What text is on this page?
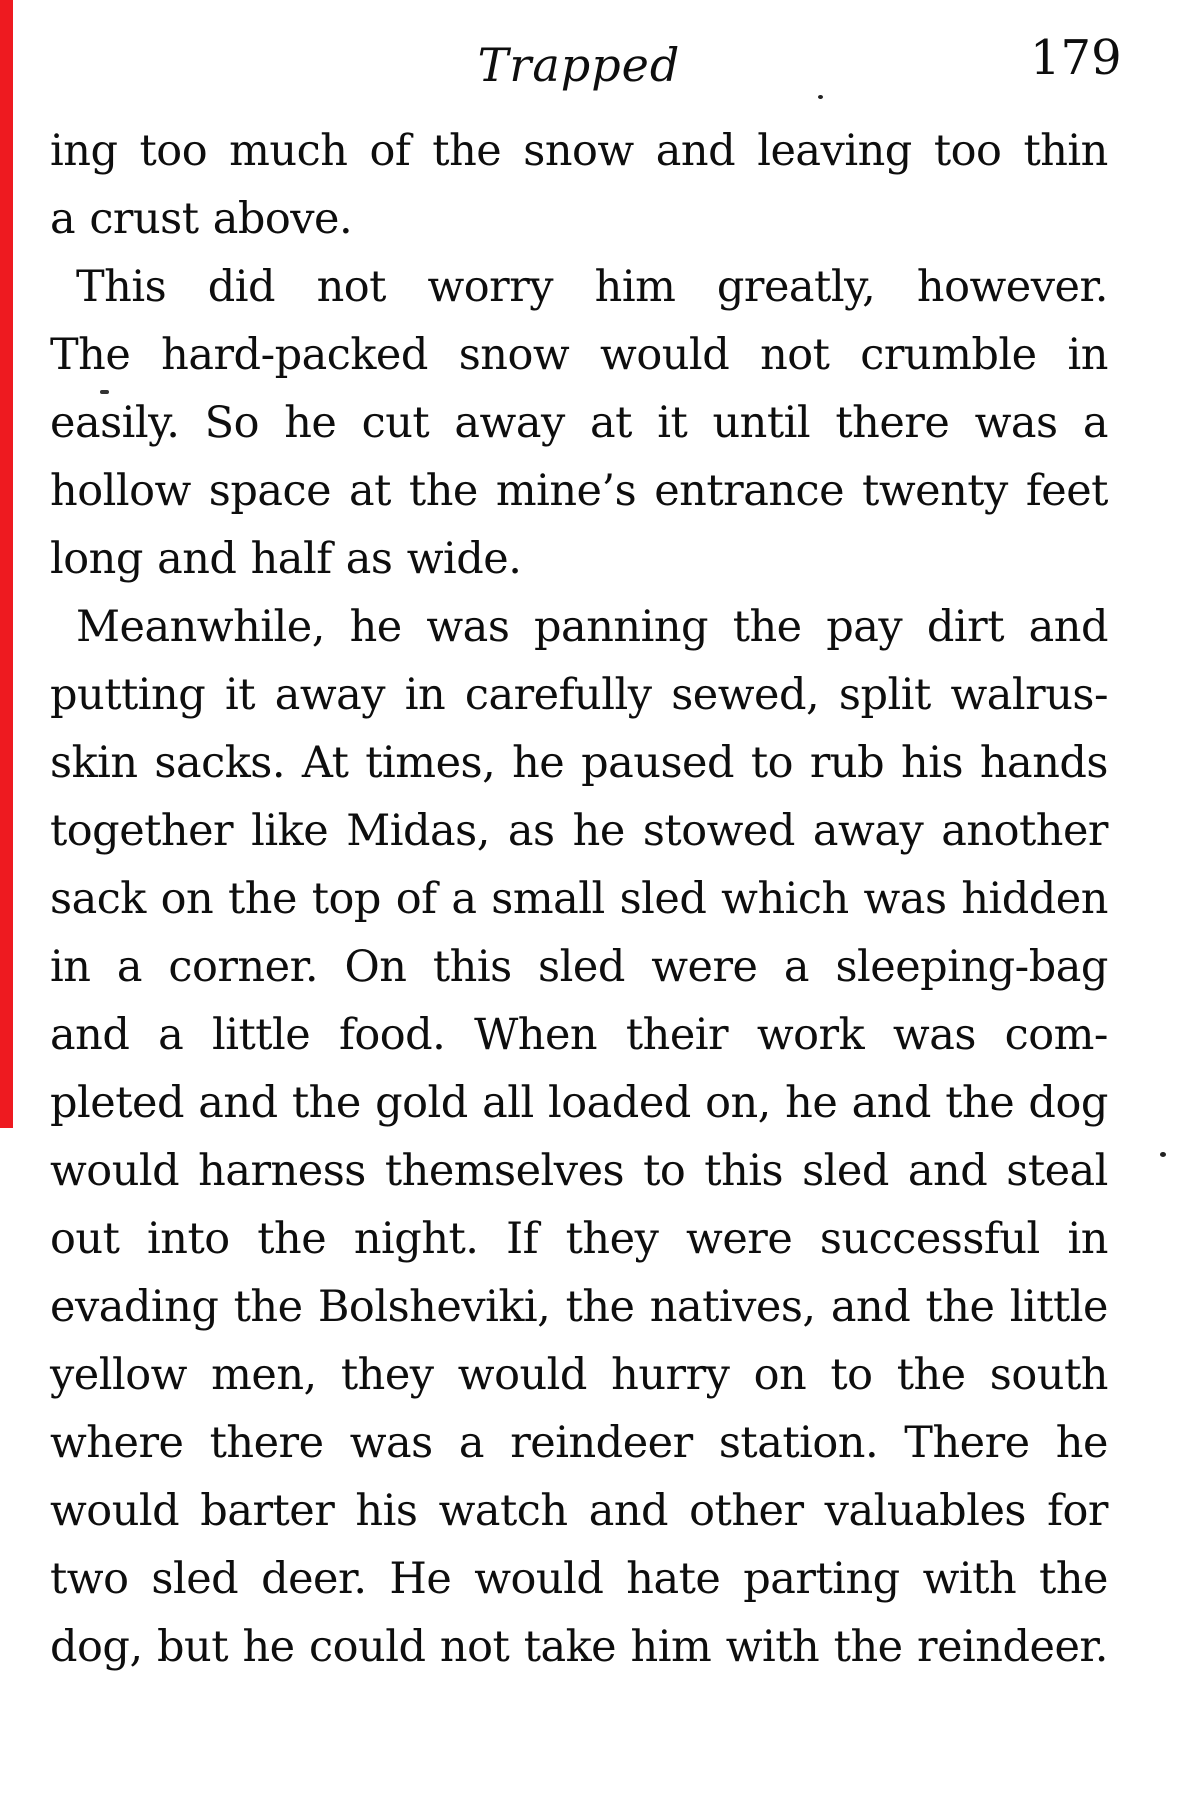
Trapped	179
ing too much of the snow and leaving too thin
a crust above.
This did not worry him greatly, however.
The hard-packed snow would not crumble in
easily. So he cut away at it until there was a
hollow space at the mine’s entrance twenty feet
long and half as wide.
Meanwhile, he was panning the pay dirt and
putting it away in carefully sewed, split walrus-
skin sacks. At times, he paused to rub his hands
together like Midas, as he stowed away another
sack on the top of a small sled which was hidden
in a corner. On this sled were a sleeping-bag
and a little food. When their work was com-
pleted and the gold all loaded on, he and the dog
would harness themselves to this sled and steal
out into the night. If they were successful in
evading the Bolsheviki, the natives, and the little
yellow men, they would hurry on to the south
where there was a reindeer station. There he
would barter his watch and other valuables for
two sled deer. He would hate parting with the
dog, but he could not take him with the reindeer.
